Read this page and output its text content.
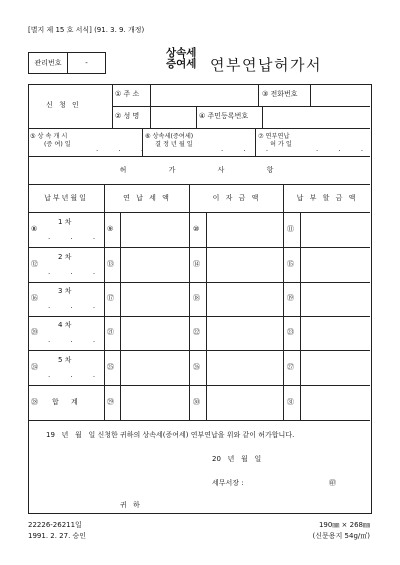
[별지 제 15 호 서식] (91. 3. 9. 개정)
관리번호	-
상속세
증여세 연부연납허가서
신 청 인
① 주 소	③ 전화번호
② 성 명	④ 주민등록번호
⑤ 상 속 개 시
(증 여) 일
. . .
⑥ 상속세(증여세)
결 정 년 월 일
. . .
⑦ 연부연납
허 가 일
. . .
허 가 사 항
납부년월일	연 납 세 액	이 자 금 액	납 부 할 금 액
⑧
1 차
. . .
⑨	⑩	⑪
⑫
2 차
. . .
⑬	⑭	⑮
⑯
3 차
. . .
⑰	⑱	⑲
⑳
4 차
. . .
㉑	㉒	㉓
㉔
5 차
. . .
㉕	㉖	㉗
㉘ 합 계	㉙	㉚	㉛
19   년   월   일 신청한 귀하의 상속세(증여세) 연부연납을 위와 같이 허가합니다.
20   년   월   일
세무서장 :	㊞
귀 하
22226-26211일
1991. 2. 27. 승인
190㎜ × 268㎜
(신문용지 54g/㎡)
